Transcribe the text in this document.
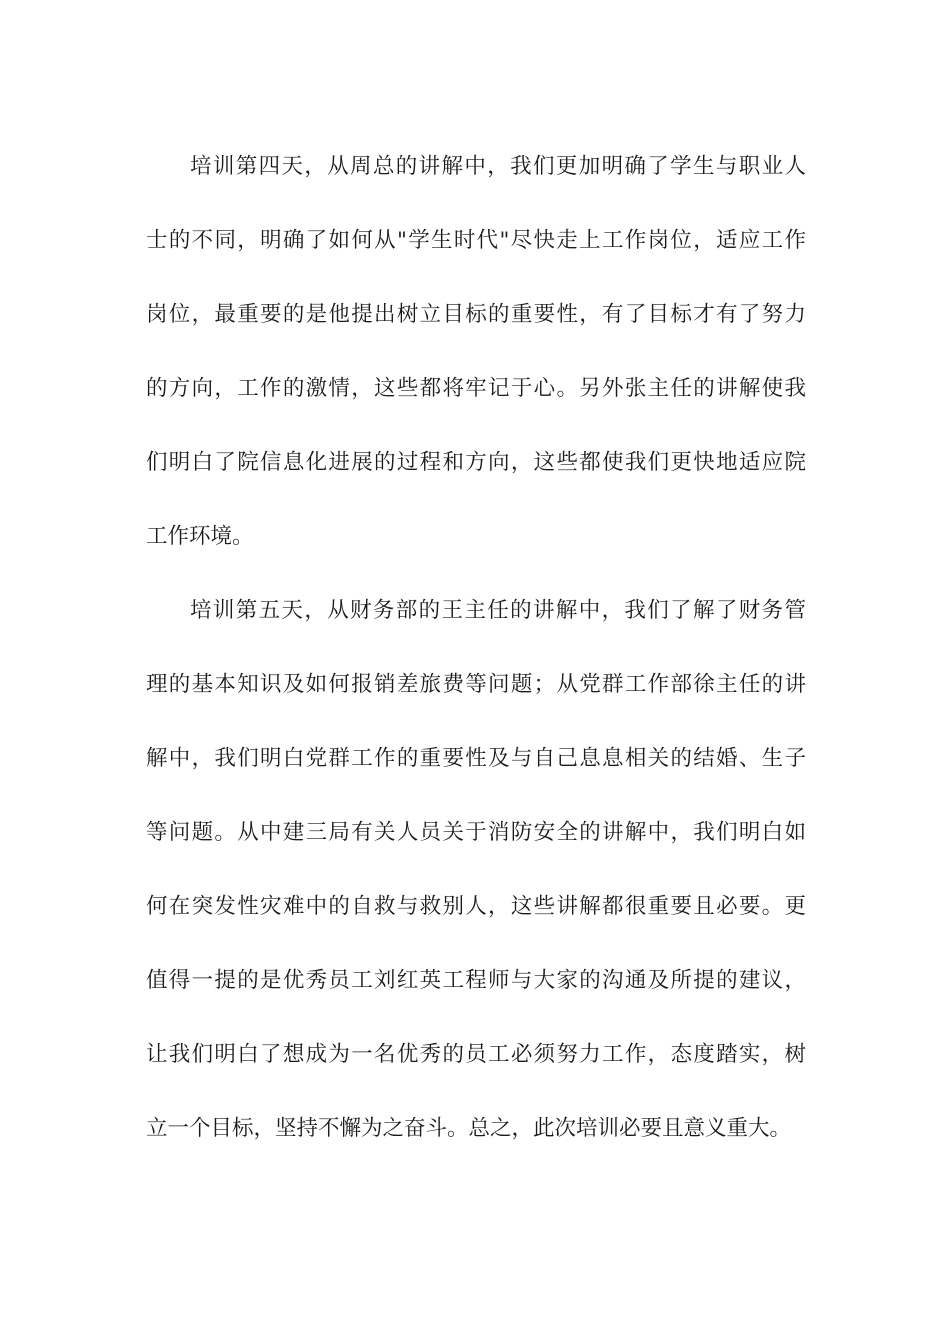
培训第四天，从周总的讲解中，我们更加明确了学生与职业人
士的不同，明确了如何从"学生时代"尽快走上工作岗位，适应工作
岗位，最重要的是他提出树立目标的重要性，有了目标才有了努力
的方向，工作的激情，这些都将牢记于心。另外张主任的讲解使我
们明白了院信息化进展的过程和方向，这些都使我们更快地适应院
工作环境。
培训第五天，从财务部的王主任的讲解中，我们了解了财务管
理的基本知识及如何报销差旅费等问题；从党群工作部徐主任的讲
解中，我们明白党群工作的重要性及与自己息息相关的结婚、生子
等问题。从中建三局有关人员关于消防安全的讲解中，我们明白如
何在突发性灾难中的自救与救别人，这些讲解都很重要且必要。更
值得一提的是优秀员工刘红英工程师与大家的沟通及所提的建议，
让我们明白了想成为一名优秀的员工必须努力工作，态度踏实，树
立一个目标，坚持不懈为之奋斗。总之，此次培训必要且意义重大。
